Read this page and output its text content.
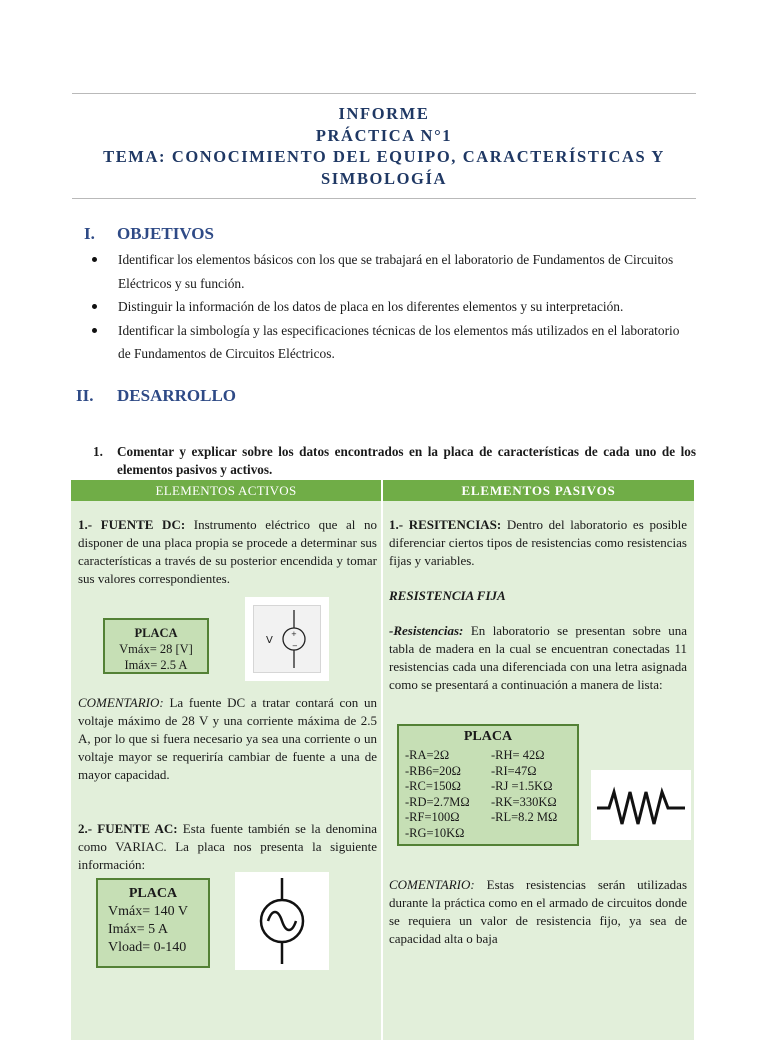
INFORME
PRÁCTICA N°1
TEMA: CONOCIMIENTO DEL EQUIPO, CARACTERÍSTICAS Y
SIMBOLOGÍA
I. OBJETIVOS
Identificar los elementos básicos con los que se trabajará en el laboratorio de Fundamentos de Circuitos Eléctricos y su función.
Distinguir la información de los datos de placa en los diferentes elementos y su interpretación.
Identificar la simbología y las especificaciones técnicas de los elementos más utilizados en el laboratorio de Fundamentos de Circuitos Eléctricos.
II. DESARROLLO
1.	Comentar y explicar sobre los datos encontrados en la placa de características de cada uno de los elementos pasivos y activos.
ELEMENTOS ACTIVOS	ELEMENTOS PASIVOS

1.- FUENTE DC: Instrumento eléctrico que al no disponer de una placa propia se procede a determinar sus características a través de su posterior encendida y tomar sus valores correspondientes.

PLACA
Vmáx= 28 [V]
Imáx= 2.5 A
+
−
V

COMENTARIO: La fuente DC a tratar contará con un voltaje máximo de 28 V y una corriente máxima de 2.5 A, por lo que si fuera necesario ya sea una corriente o un voltaje mayor se requeriría cambiar de fuente a una de mayor capacidad.

2.- FUENTE AC: Esta fuente también se la denomina como VARIAC. La placa nos presenta la siguiente información:

PLACA
Vmáx= 140 V
Imáx= 5 A
Vload= 0-140

1.- RESITENCIAS: Dentro del laboratorio es posible diferenciar ciertos tipos de resistencias como resistencias fijas y variables.

RESISTENCIA FIJA

-Resistencias: En laboratorio se presentan sobre una tabla de madera en la cual se encuentran conectadas 11 resistencias cada una diferenciada con una letra asignada como se presentará a continuación a manera de lista:

PLACA
-RA=2Ω
-RB6=20Ω
-RC=150Ω
-RD=2.7MΩ
-RF=100Ω
-RG=10KΩ
-RH= 42Ω
-RI=47Ω
-RJ =1.5KΩ
-RK=330KΩ
-RL=8.2 MΩ

COMENTARIO: Estas resistencias serán utilizadas durante la práctica como en el armado de circuitos donde se requiera un valor de resistencia fijo, ya sea de capacidad alta o baja
